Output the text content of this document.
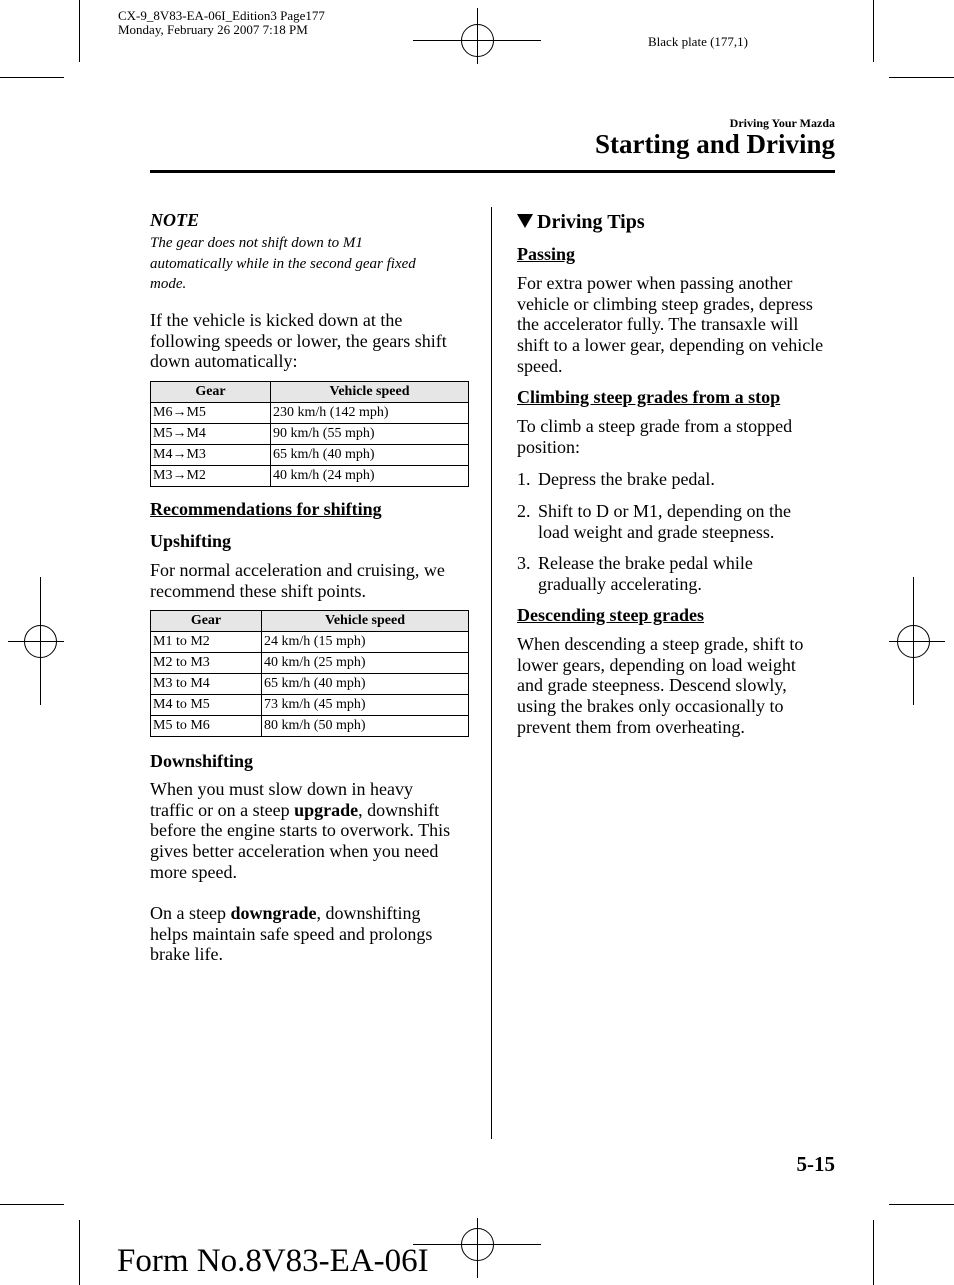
CX-9_8V83-EA-06I_Edition3 Page177
Monday, February 26 2007 7:18 PM
Black plate (177,1)
Driving Your Mazda
Starting and Driving
NOTE
The gear does not shift down to M1
automatically while in the second gear fixed
mode.
If the vehicle is kicked down at the
following speeds or lower, the gears shift
down automatically:
Gear	Vehicle speed
M6→M5	230 km/h (142 mph)
M5→M4	90 km/h (55 mph)
M4→M3	65 km/h (40 mph)
M3→M2	40 km/h (24 mph)
Recommendations for shifting
Upshifting
For normal acceleration and cruising, we
recommend these shift points.
Gear	Vehicle speed
M1 to M2	24 km/h (15 mph)
M2 to M3	40 km/h (25 mph)
M3 to M4	65 km/h (40 mph)
M4 to M5	73 km/h (45 mph)
M5 to M6	80 km/h (50 mph)
Downshifting
When you must slow down in heavy
traffic or on a steep upgrade, downshift
before the engine starts to overwork. This
gives better acceleration when you need
more speed.
On a steep downgrade, downshifting
helps maintain safe speed and prolongs
brake life.
Driving Tips
Passing
For extra power when passing another
vehicle or climbing steep grades, depress
the accelerator fully. The transaxle will
shift to a lower gear, depending on vehicle
speed.
Climbing steep grades from a stop
To climb a steep grade from a stopped
position:
1. Depress the brake pedal.
2. Shift to D or M1, depending on the
load weight and grade steepness.
3. Release the brake pedal while
gradually accelerating.
Descending steep grades
When descending a steep grade, shift to
lower gears, depending on load weight
and grade steepness. Descend slowly,
using the brakes only occasionally to
prevent them from overheating.
5-15
Form No.8V83-EA-06I
